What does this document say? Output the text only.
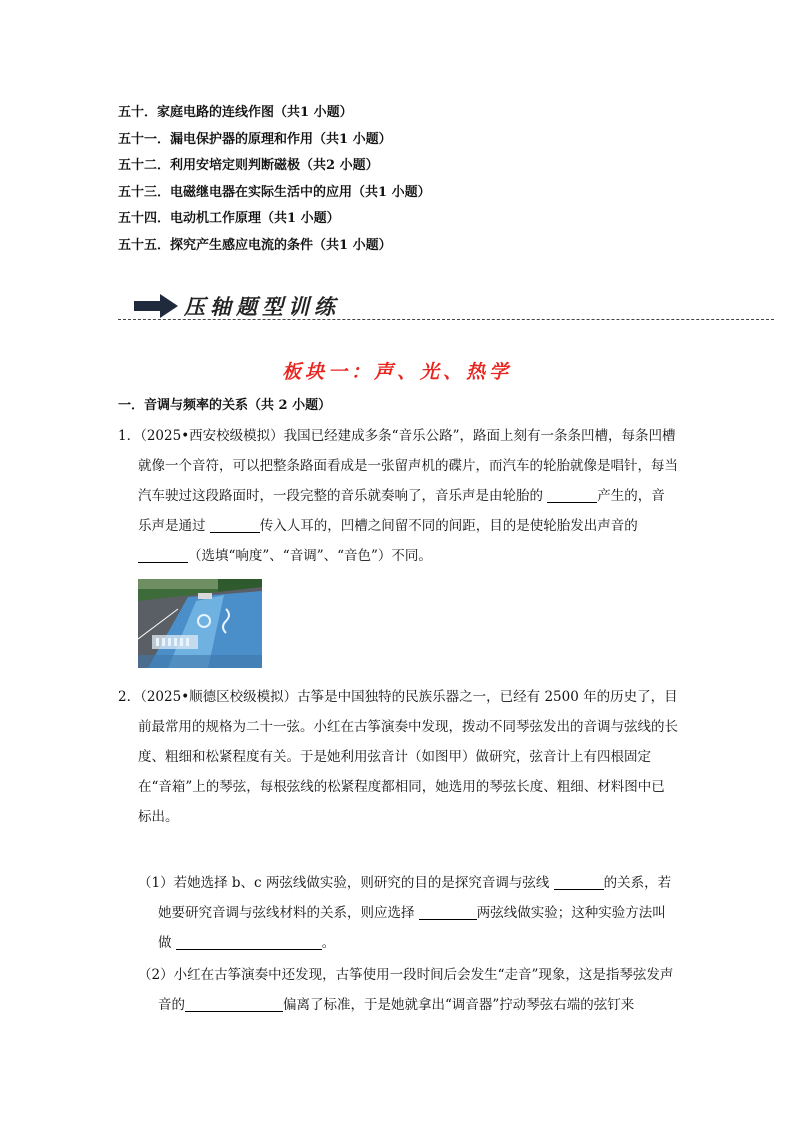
五十．家庭电路的连线作图（共1 小题）
五十一．漏电保护器的原理和作用（共1 小题）
五十二．利用安培定则判断磁极（共2 小题）
五十三．电磁继电器在实际生活中的应用（共1 小题）
五十四．电动机工作原理（共1 小题）
五十五．探究产生感应电流的条件（共1 小题）
压轴题型训练
板块一：声、光、热学
一．音调与频率的关系（共 2 小题）

1．（2025•西安校级模拟）我国已经建成多条“音乐公路”，路面上刻有一条条凹槽，每条凹槽就像一个音符，可以把整条路面看成是一张留声机的碟片，而汽车的轮胎就像是唱针，每当汽车驶过这段路面时，一段完整的音乐就奏响了，音乐声是由轮胎的	产生的，音乐声是通过	传入人耳的，凹槽之间留不同的间距，目的是使轮胎发出声音的 （选填“响度”、“音调”、“音色”）不同。

2．（2025•顺德区校级模拟）古筝是中国独特的民族乐器之一，已经有 2500 年的历史了，目前最常用的规格为二十一弦。小红在古筝演奏中发现，拨动不同琴弦发出的音调与弦线的长度、粗细和松紧程度有关。于是她利用弦音计（如图甲）做研究，弦音计上有四根固定在“音箱”上的琴弦，每根弦线的松紧程度都相同，她选用的琴弦长度、粗细、材料图中已标出。

（1）若她选择 b、c 两弦线做实验，则研究的目的是探究音调与弦线	的关系，若她要研究音调与弦线材料的关系，则应选择	两弦线做实验；这种实验方法叫做	。

（2）小红在古筝演奏中还发现，古筝使用一段时间后会发生“走音”现象，这是指琴弦发声音的	偏离了标准，于是她就拿出“调音器”拧动琴弦右端的弦钉来
